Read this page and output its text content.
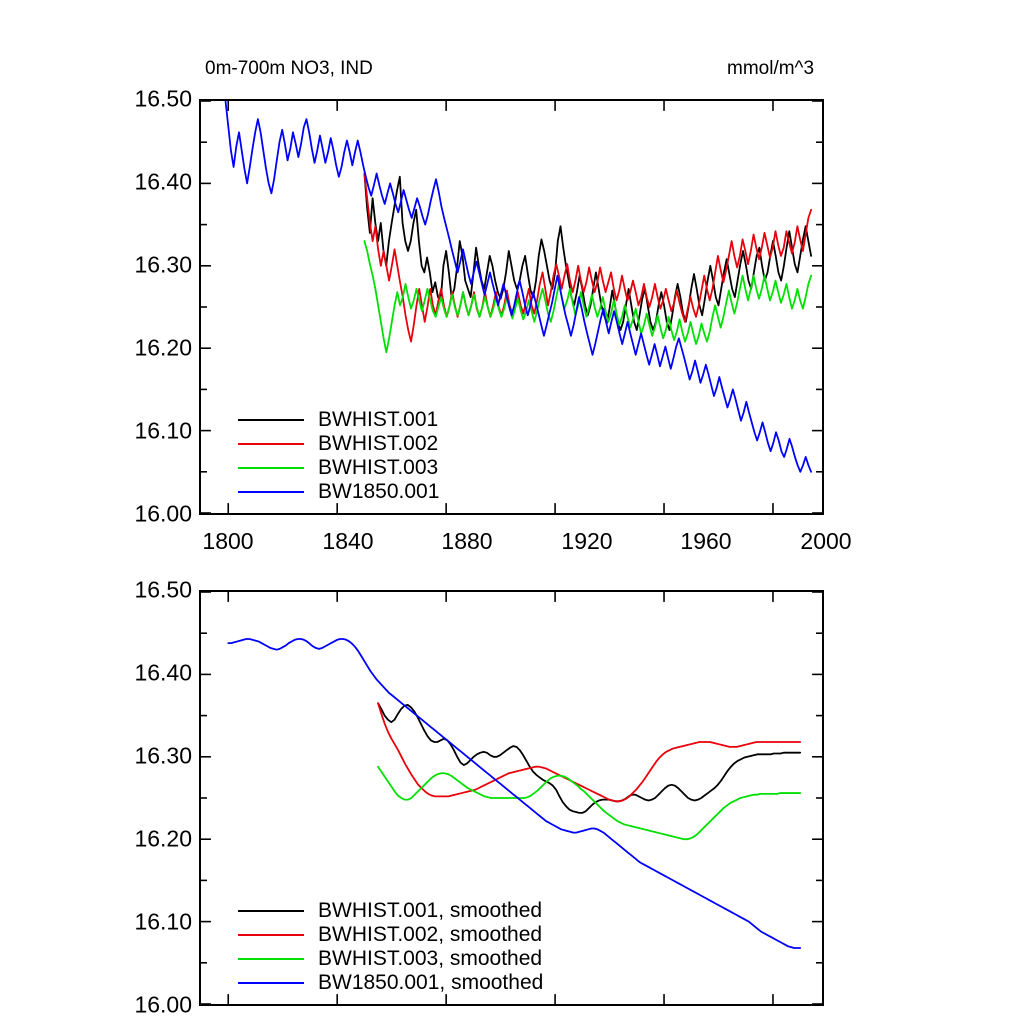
0m-700m NO3, IND	mmol/m^3
16.50
16.40
16.30
16.20
16.10
16.00
1800	1840	1880	1920	1960	2000
BWHIST.001
BWHIST.002
BWHIST.003
BW1850.001
16.50
16.40
16.30
16.20
16.10
16.00
BWHIST.001, smoothed
BWHIST.002, smoothed
BWHIST.003, smoothed
BW1850.001, smoothed
